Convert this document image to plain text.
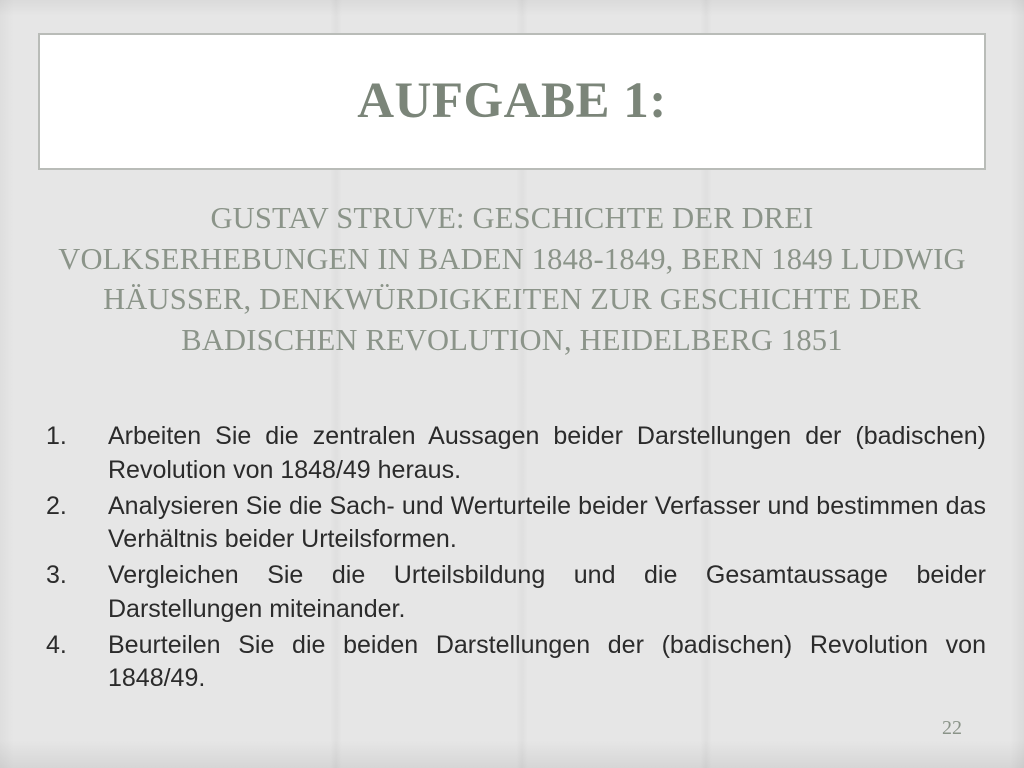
AUFGABE 1:
GUSTAV STRUVE: GESCHICHTE DER DREI VOLKSERHEBUNGEN IN BADEN 1848-1849, BERN 1849 LUDWIG HÄUSSER, DENKWÜRDIGKEITEN ZUR GESCHICHTE DER BADISCHEN REVOLUTION, HEIDELBERG 1851
1.	Arbeiten Sie die zentralen Aussagen beider Darstellungen der (badischen) Revolution von 1848/49 heraus.
2.	Analysieren Sie die Sach- und Werturteile beider Verfasser und bestimmen das Verhältnis beider Urteilsformen.
3.	Vergleichen Sie die Urteilsbildung und die Gesamtaussage beider Darstellungen miteinander.
4.	Beurteilen Sie die beiden Darstellungen der (badischen) Revolution von 1848/49.
22
